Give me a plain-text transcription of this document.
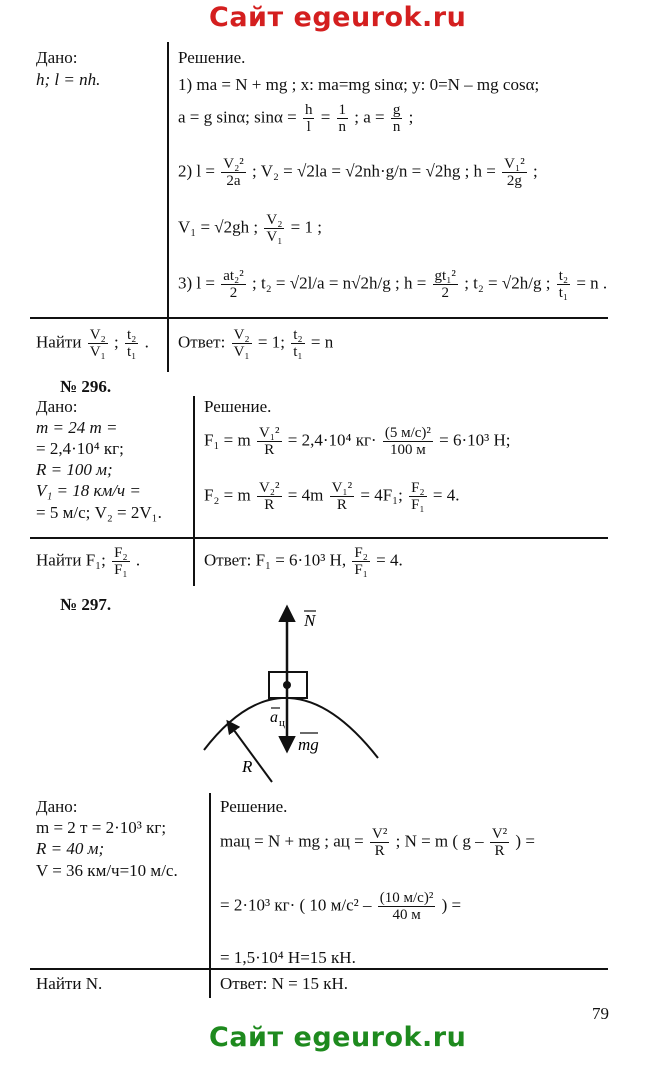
Сайт egeurok.ru
Дано:
h; l = nh.
Решение.
1) ma = N + mg ; x: ma=mg sinα; y: 0=N – mg cosα;
a = g sinα; $\sin\alpha = \frac{h}{l} = \frac{1}{n}$ ; $a = \frac{g}{n}$ ;
2) $l = \frac{\text{V₂²}}{2a}$ ; V₂ = √2la = √2nh·g/n = √2hg ; $h = \frac{\text{V₁²}}{2g}$ ;
V₁ = √2gh ; $\frac{\text{V₂}}{\text{V₁}} = 1$ ;
3) $l = \frac{\text{at₂²}}{2}$ ; t₂ = √2l/a = n√2h/g ; $h = \frac{\text{gt₁²}}{2}$ ; t₂ = √2h/g ; $\frac{\text{t₂}}{\text{t₁}} = n$ .
Найти $\frac{\text{V₂}}{\text{V₁}}$ ; $\frac{\text{t₂}}{\text{t₁}}$ . Ответ: $\frac{\text{V₂}}{\text{V₁}} = 1$; $\frac{\text{t₂}}{\text{t₁}} = n$
№ 296.
Дано:
m = 24 т =
= 2,4·10⁴ кг;
R = 100 м;
V₁ = 18 км/ч =
= 5 м/с; V₂ = 2V₁.
Решение.
F₁ = m $\frac{\text{V₁²}}{R} = 2,4\cdot 10^4$ $кг\cdot \frac{\text{(5 м/с)²}}{100 м} = 6\cdot 10^3$ Н;
F₂ = m $\frac{\text{V₂²}}{R} = 4m \frac{\text{V₁²}}{R} = 4F_1$; $\frac{\text{F₂}}{\text{F₁}} = 4$.
Найти F₁; $\frac{\text{F₂}}{\text{F₁}}$ .	Ответ: F₁ = 6·10³ Н, $\frac{\text{F₂}}{\text{F₁}} = 4$.
№ 297.
N
a ц
mg
R
Дано:
m = 2 т = 2·10³ кг;
R = 40 м;
V = 36 км/ч=10 м/с.
Решение.
maц = N + mg ; aц = $\frac{\text{V²}}{R}$ ; N = m ( g – $\frac{\text{V²}}{R}$ ) =
= 2·10³ кг· ( 10 $м/с^2 - \frac{\text{(10 м/с)²}}{40 м}$ ) =
= 1,5·10⁴ Н=15 кН.
Найти N.	Ответ: N = 15 кН.
79
Сайт egeurok.ru
